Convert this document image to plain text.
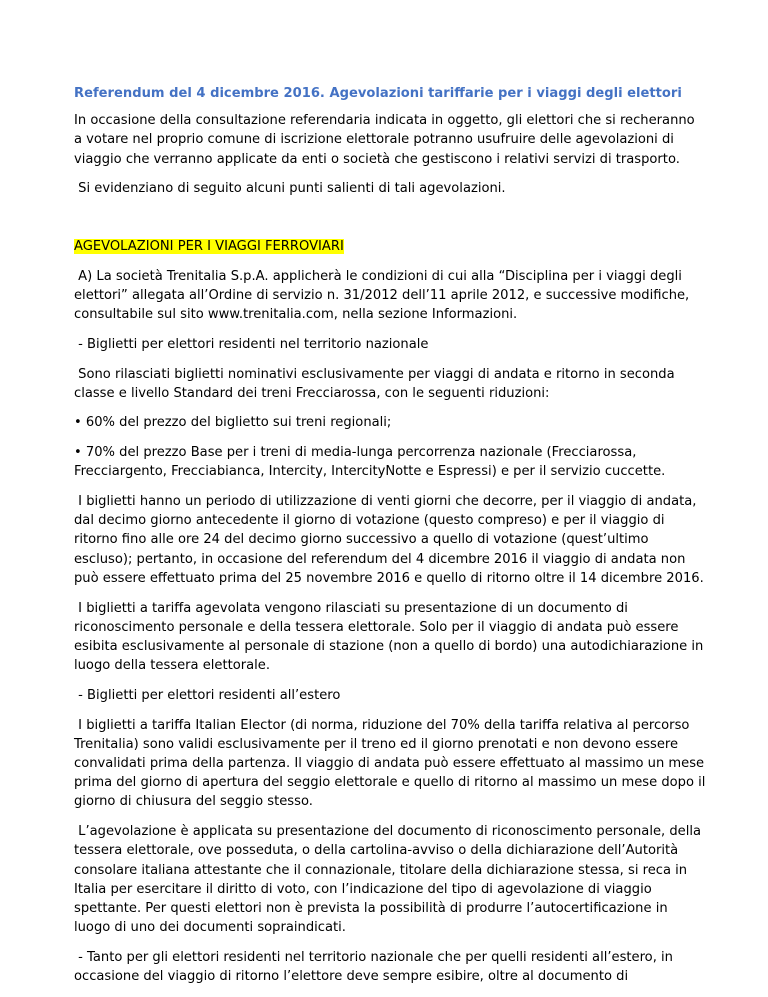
Referendum del 4 dicembre 2016. Agevolazioni tariffarie per i viaggi degli elettori

In occasione della consultazione referendaria indicata in oggetto, gli elettori che si recheranno a votare nel proprio comune di iscrizione elettorale potranno usufruire delle agevolazioni di viaggio che verranno applicate da enti o società che gestiscono i relativi servizi di trasporto.

Si evidenziano di seguito alcuni punti salienti di tali agevolazioni.

AGEVOLAZIONI PER I VIAGGI FERROVIARI

A) La società Trenitalia S.p.A. applicherà le condizioni di cui alla “Disciplina per i viaggi degli elettori” allegata all’Ordine di servizio n. 31/2012 dell’11 aprile 2012, e successive modifiche, consultabile sul sito www.trenitalia.com, nella sezione Informazioni.

- Biglietti per elettori residenti nel territorio nazionale

Sono rilasciati biglietti nominativi esclusivamente per viaggi di andata e ritorno in seconda classe e livello Standard dei treni Frecciarossa, con le seguenti riduzioni:

• 60% del prezzo del biglietto sui treni regionali;

• 70% del prezzo Base per i treni di media-lunga percorrenza nazionale (Frecciarossa, Frecciargento, Frecciabianca, Intercity, IntercityNotte e Espressi) e per il servizio cuccette.

I biglietti hanno un periodo di utilizzazione di venti giorni che decorre, per il viaggio di andata, dal decimo giorno antecedente il giorno di votazione (questo compreso) e per il viaggio di ritorno fino alle ore 24 del decimo giorno successivo a quello di votazione (quest’ultimo escluso); pertanto, in occasione del referendum del 4 dicembre 2016 il viaggio di andata non può essere effettuato prima del 25 novembre 2016 e quello di ritorno oltre il 14 dicembre 2016.

I biglietti a tariffa agevolata vengono rilasciati su presentazione di un documento di riconoscimento personale e della tessera elettorale. Solo per il viaggio di andata può essere esibita esclusivamente al personale di stazione (non a quello di bordo) una autodichiarazione in luogo della tessera elettorale.

- Biglietti per elettori residenti all’estero

I biglietti a tariffa Italian Elector (di norma, riduzione del 70% della tariffa relativa al percorso Trenitalia) sono validi esclusivamente per il treno ed il giorno prenotati e non devono essere convalidati prima della partenza. Il viaggio di andata può essere effettuato al massimo un mese prima del giorno di apertura del seggio elettorale e quello di ritorno al massimo un mese dopo il giorno di chiusura del seggio stesso.

L’agevolazione è applicata su presentazione del documento di riconoscimento personale, della tessera elettorale, ove posseduta, o della cartolina-avviso o della dichiarazione dell’Autorità consolare italiana attestante che il connazionale, titolare della dichiarazione stessa, si reca in Italia per esercitare il diritto di voto, con l’indicazione del tipo di agevolazione di viaggio spettante. Per questi elettori non è prevista la possibilità di produrre l’autocertificazione in luogo di uno dei documenti sopraindicati.

- Tanto per gli elettori residenti nel territorio nazionale che per quelli residenti all’estero, in occasione del viaggio di ritorno l’elettore deve sempre esibire, oltre al documento di
